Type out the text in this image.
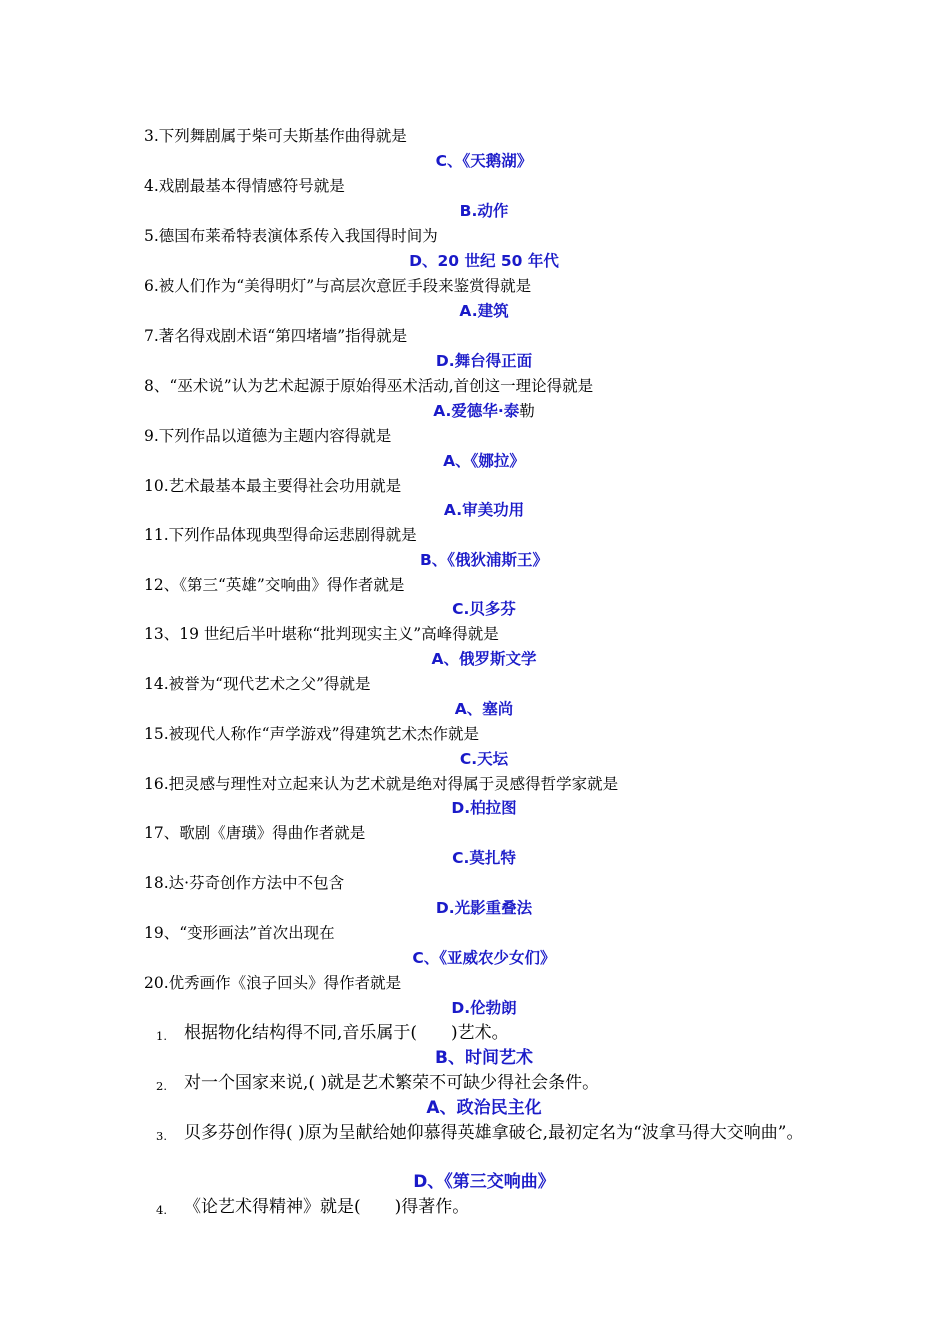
3.下列舞剧属于柴可夫斯基作曲得就是
C、《天鹅湖》
4.戏剧最基本得情感符号就是
B.动作
5.德国布莱希特表演体系传入我国得时间为
D、20 世纪 50 年代
6.被人们作为“美得明灯”与高层次意匠手段来鉴赏得就是
A.建筑
7.著名得戏剧术语“第四堵墙”指得就是
D.舞台得正面
8、“巫术说”认为艺术起源于原始得巫术活动,首创这一理论得就是
A.爱德华·泰勒
9.下列作品以道德为主题内容得就是
A、《娜拉》
10.艺术最基本最主要得社会功用就是
A.审美功用
11.下列作品体现典型得命运悲剧得就是
B、《俄狄浦斯王》
12、《第三“英雄”交响曲》得作者就是
C.贝多芬
13、19 世纪后半叶堪称“批判现实主义”高峰得就是
A、俄罗斯文学
14.被誉为“现代艺术之父”得就是
A、塞尚
15.被现代人称作“声学游戏”得建筑艺术杰作就是
C.天坛
16.把灵感与理性对立起来认为艺术就是绝对得属于灵感得哲学家就是
D.柏拉图
17、歌剧《唐璜》得曲作者就是
C.莫扎特
18.达·芬奇创作方法中不包含
D.光影重叠法
19、“变形画法”首次出现在
C、《亚威农少女们》
20.优秀画作《浪子回头》得作者就是
D.伦勃朗
1. 根据物化结构得不同,音乐属于(　　)艺术。
B、时间艺术
2. 对一个国家来说,( )就是艺术繁荣不可缺少得社会条件。
A、政治民主化
3. 贝多芬创作得( )原为呈献给她仰慕得英雄拿破仑,最初定名为“波拿马得大交响曲”。
D、《第三交响曲》
4. 《论艺术得精神》就是(　　)得著作。
